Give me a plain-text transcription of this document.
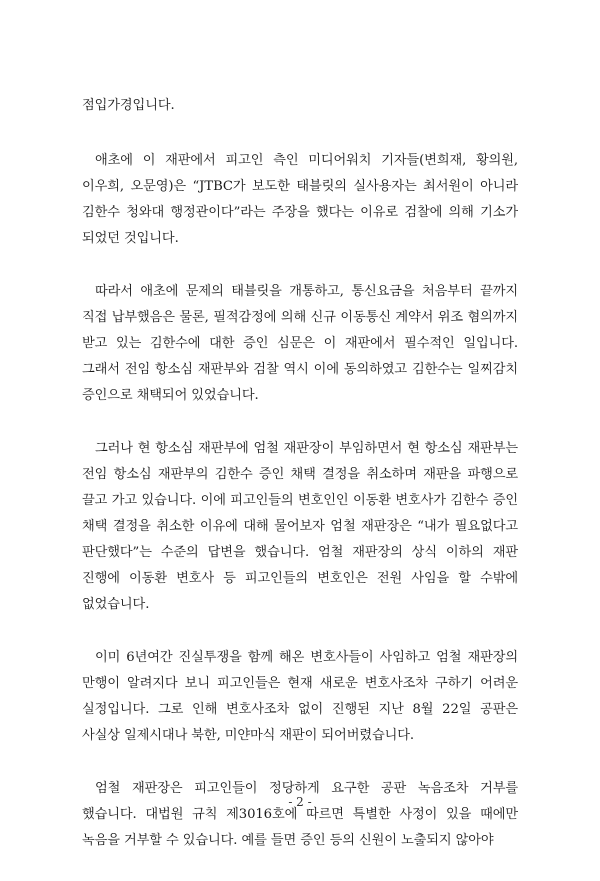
점입가경입니다.

애초에 이 재판에서 피고인 측인 미디어워치 기자들(변희재, 황의원, 이우희, 오문영)은 “JTBC가 보도한 태블릿의 실사용자는 최서원이 아니라 김한수 청와대 행정관이다”라는 주장을 했다는 이유로 검찰에 의해 기소가 되었던 것입니다.

따라서 애초에 문제의 태블릿을 개통하고, 통신요금을 처음부터 끝까지 직접 납부했음은 물론, 필적감정에 의해 신규 이동통신 계약서 위조 혐의까지 받고 있는 김한수에 대한 증인 심문은 이 재판에서 필수적인 일입니다. 그래서 전임 항소심 재판부와 검찰 역시 이에 동의하였고 김한수는 일찌감치 증인으로 채택되어 있었습니다.

그러나 현 항소심 재판부에 엄철 재판장이 부임하면서 현 항소심 재판부는 전임 항소심 재판부의 김한수 증인 채택 결정을 취소하며 재판을 파행으로 끌고 가고 있습니다. 이에 피고인들의 변호인인 이동환 변호사가 김한수 증인 채택 결정을 취소한 이유에 대해 물어보자 엄철 재판장은 “내가 필요없다고 판단했다”는 수준의 답변을 했습니다. 엄철 재판장의 상식 이하의 재판 진행에 이동환 변호사 등 피고인들의 변호인은 전원 사임을 할 수밖에 없었습니다.

이미 6년여간 진실투쟁을 함께 해온 변호사들이 사임하고 엄철 재판장의 만행이 알려지다 보니 피고인들은 현재 새로운 변호사조차 구하기 어려운 실정입니다. 그로 인해 변호사조차 없이 진행된 지난 8월 22일 공판은 사실상 일제시대나 북한, 미얀마식 재판이 되어버렸습니다.

엄철 재판장은 피고인들이 정당하게 요구한 공판 녹음조차 거부를 했습니다. 대법원 규칙 제3016호에 따르면 특별한 사정이 있을 때에만 녹음을 거부할 수 있습니다. 예를 들면 증인 등의 신원이 노출되지 않아야

- 2 -
